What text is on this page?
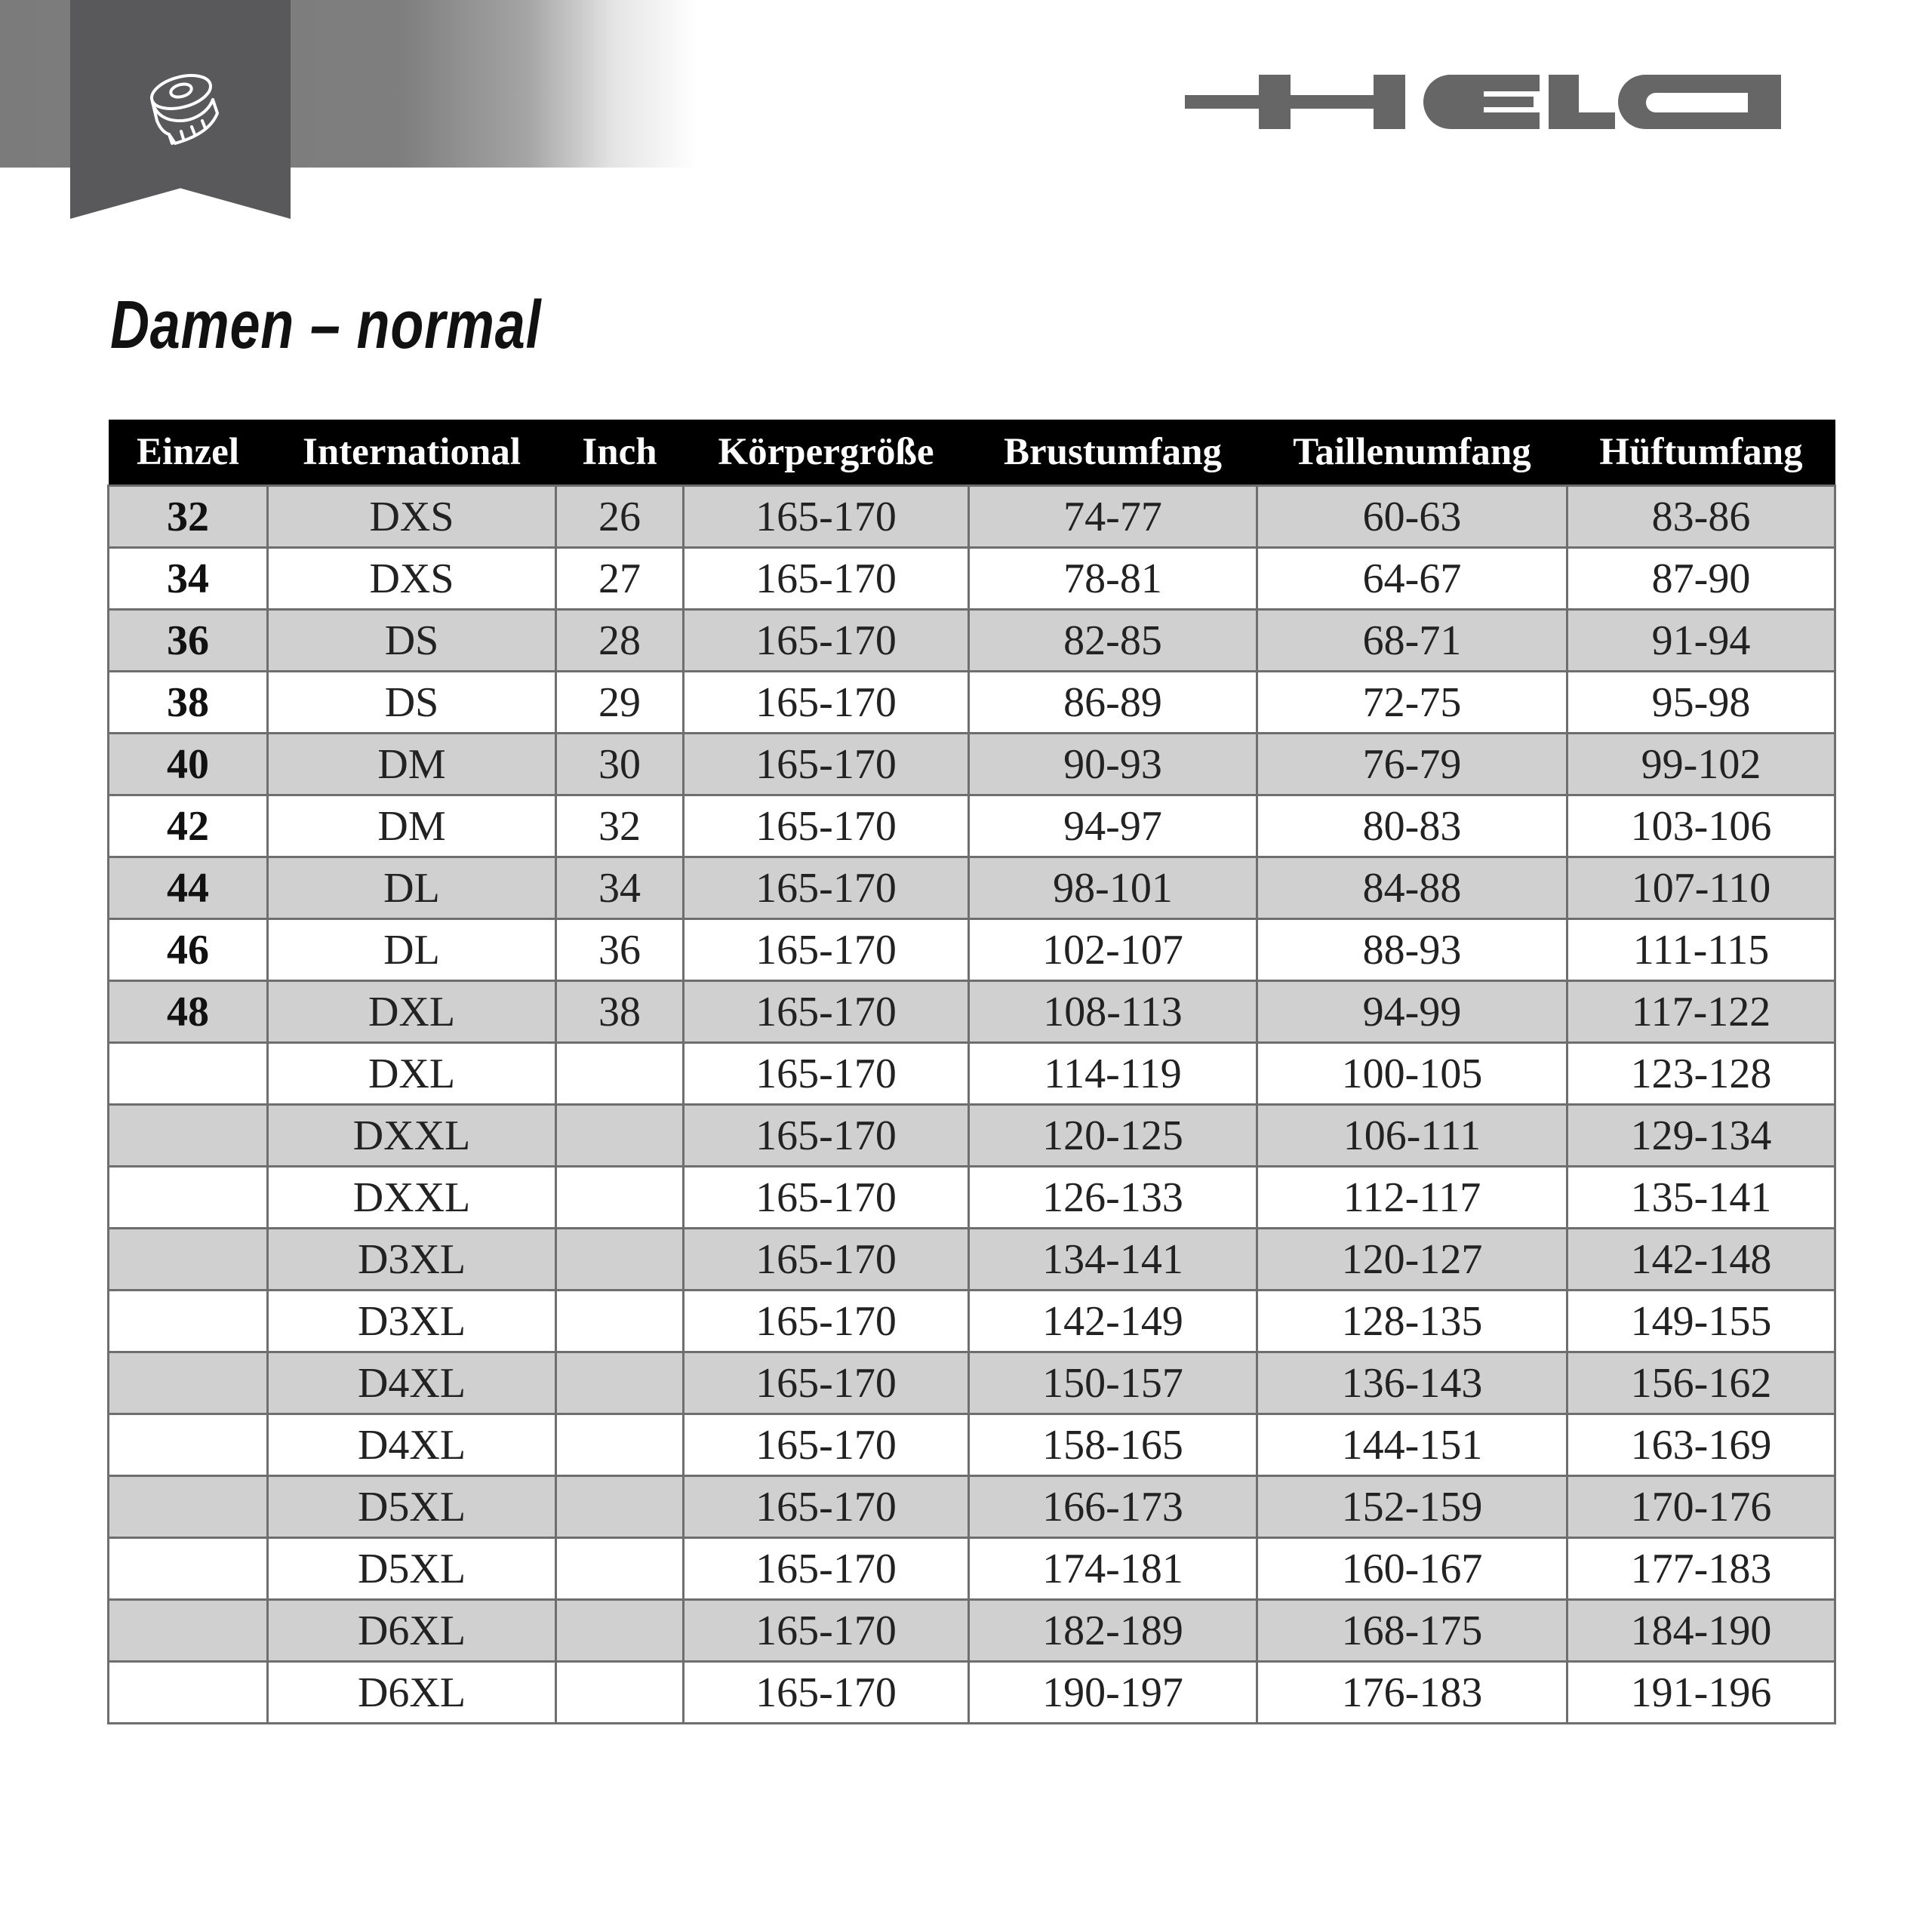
Damen – normal
Einzel	International	Inch	Körpergröße	Brustumfang	Taillenumfang	Hüftumfang
32	DXS	26	165-170	74-77	60-63	83-86
34	DXS	27	165-170	78-81	64-67	87-90
36	DS	28	165-170	82-85	68-71	91-94
38	DS	29	165-170	86-89	72-75	95-98
40	DM	30	165-170	90-93	76-79	99-102
42	DM	32	165-170	94-97	80-83	103-106
44	DL	34	165-170	98-101	84-88	107-110
46	DL	36	165-170	102-107	88-93	111-115
48	DXL	38	165-170	108-113	94-99	117-122
	DXL		165-170	114-119	100-105	123-128
	DXXL		165-170	120-125	106-111	129-134
	DXXL		165-170	126-133	112-117	135-141
	D3XL		165-170	134-141	120-127	142-148
	D3XL		165-170	142-149	128-135	149-155
	D4XL		165-170	150-157	136-143	156-162
	D4XL		165-170	158-165	144-151	163-169
	D5XL		165-170	166-173	152-159	170-176
	D5XL		165-170	174-181	160-167	177-183
	D6XL		165-170	182-189	168-175	184-190
	D6XL		165-170	190-197	176-183	191-196
